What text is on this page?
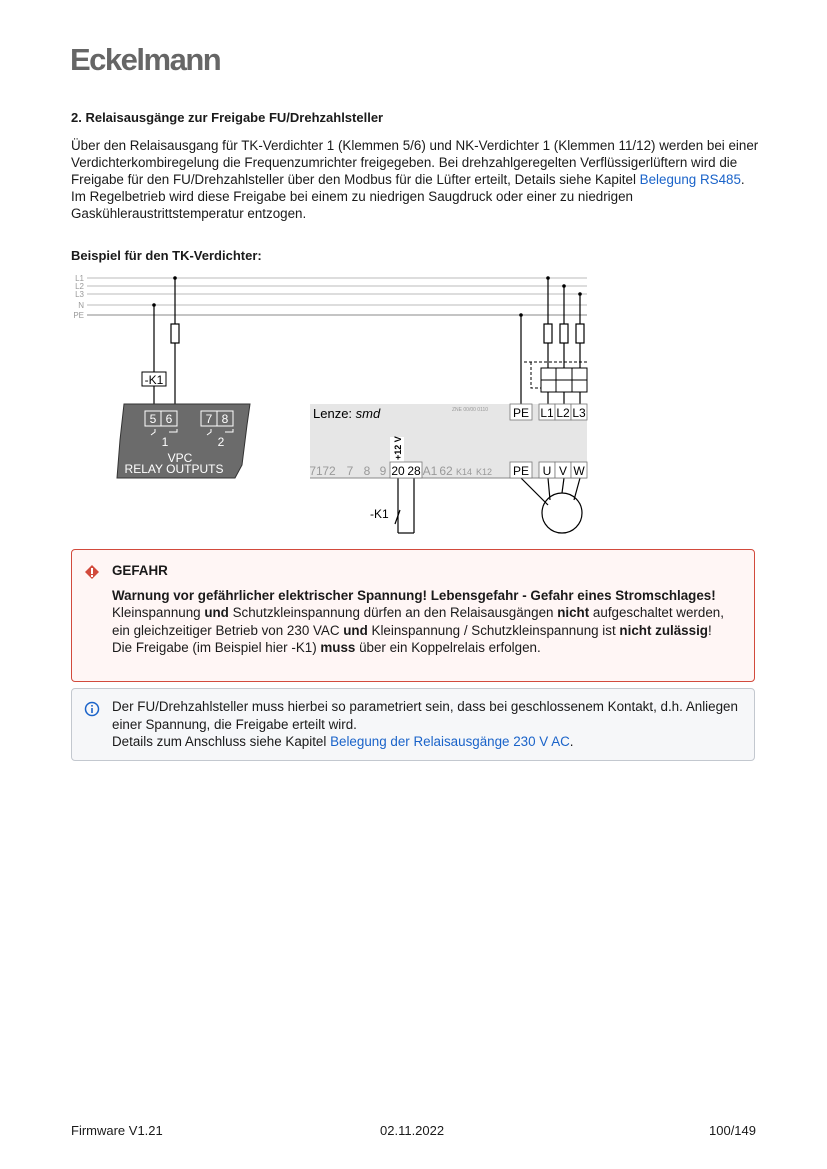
Eckelmann
2. Relaisausgänge zur Freigabe FU/Drehzahlsteller
Über den Relaisausgang für TK-Verdichter 1 (Klemmen 5/6) und NK-Verdichter 1 (Klemmen 11/12) werden bei einer Verdichterkombiregelung die Frequenzumrichter freigegeben. Bei drehzahlgeregelten Verflüssigerlüftern wird die Freigabe für den FU/Drehzahlsteller über den Modbus für die Lüfter erteilt, Details siehe Kapitel Belegung RS485. Im Regelbetrieb wird diese Freigabe bei einem zu niedrigen Saugdruck oder einer zu niedrigen Gaskühleraustrittstemperatur entzogen.
Beispiel für den TK-Verdichter:
L1
L2
L3
N
PE
-K1
5 6	7 8
1	2
VPC
RELAY OUTPUTS
Lenze: smd	ZNE 00/00 0110
+12 V
PE L1 L2 L3
PE U V W
71 72 7 8 9 20 28 A1 62 K14 K12
-K1
GEFAHR
Warnung vor gefährlicher elektrischer Spannung! Lebensgefahr - Gefahr eines Stromschlages!
Kleinspannung und Schutzkleinspannung dürfen an den Relaisausgängen nicht aufgeschaltet werden, ein gleichzeitiger Betrieb von 230 VAC und Kleinspannung / Schutzkleinspannung ist nicht zulässig!
Die Freigabe (im Beispiel hier -K1) muss über ein Koppelrelais erfolgen.
Der FU/Drehzahlsteller muss hierbei so parametriert sein, dass bei geschlossenem Kontakt, d.h. Anliegen einer Spannung, die Freigabe erteilt wird.
Details zum Anschluss siehe Kapitel Belegung der Relaisausgänge 230 V AC.
Firmware V1.21	02.11.2022	100/149
